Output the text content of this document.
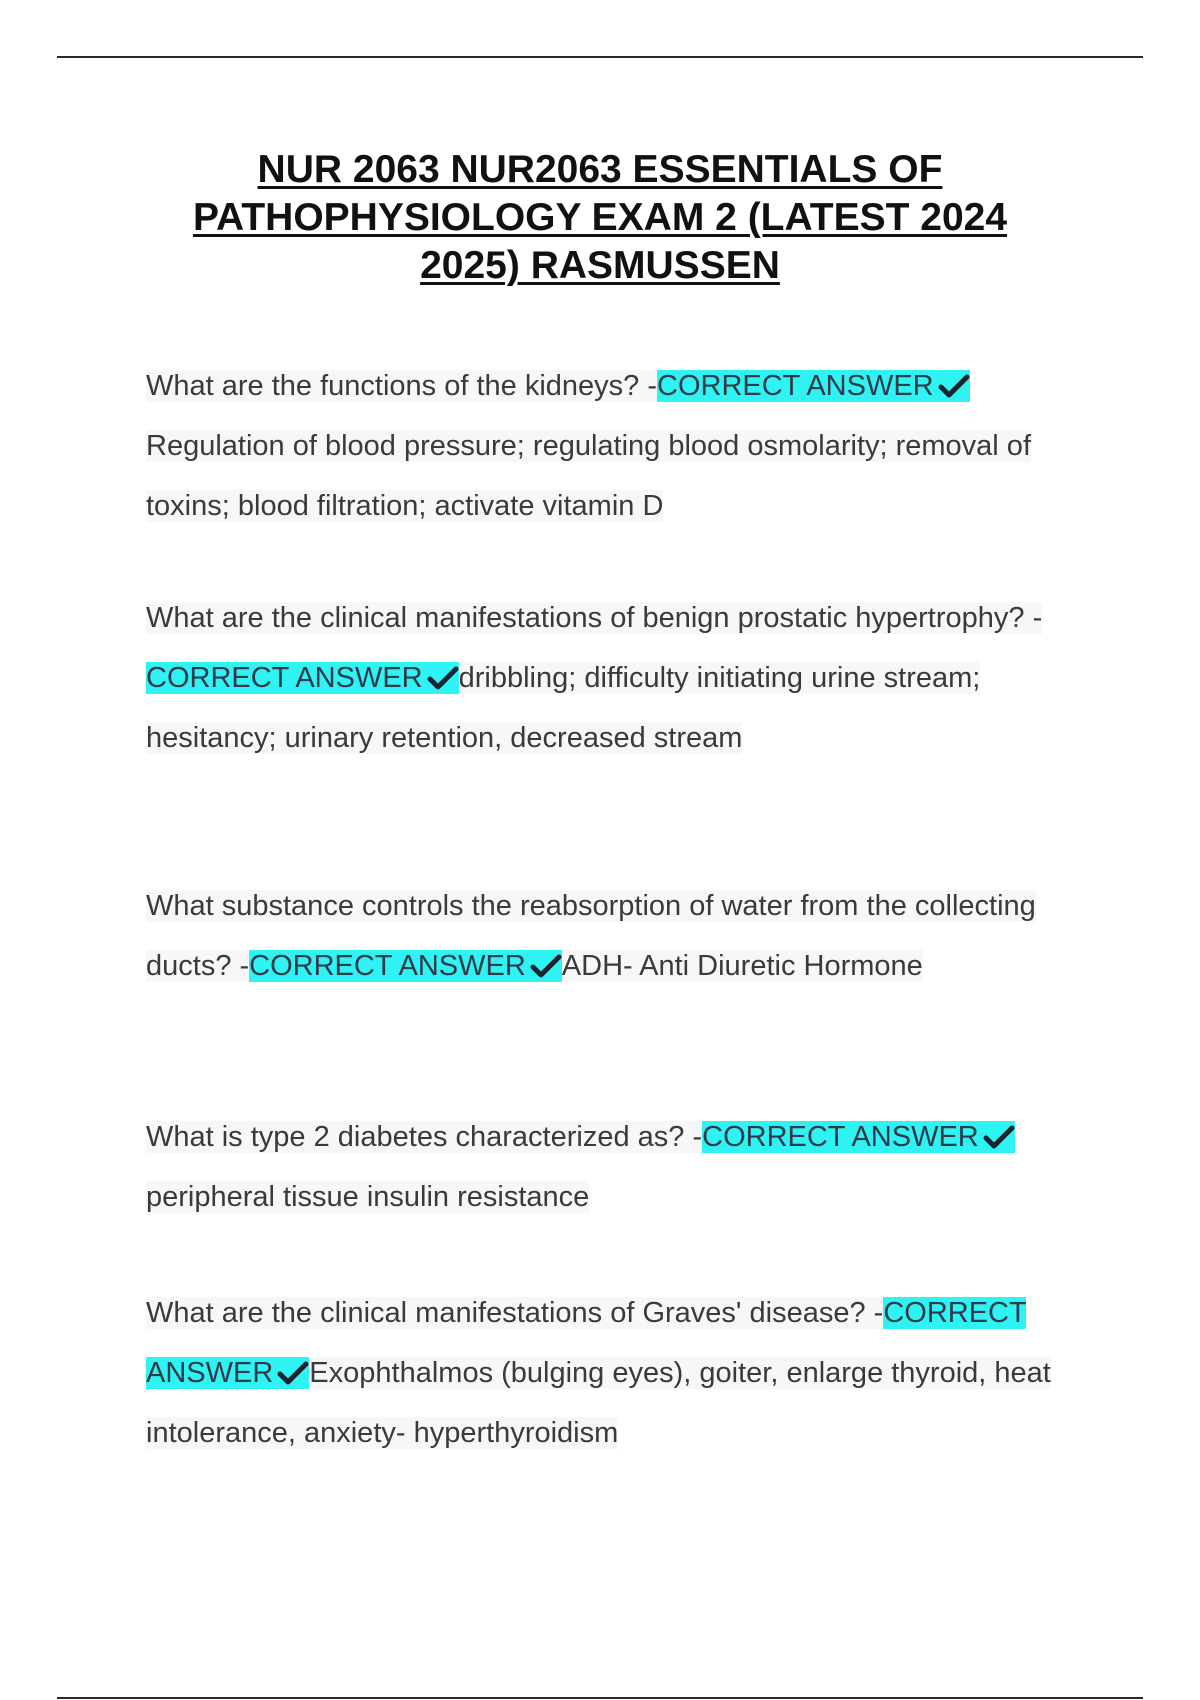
NUR 2063 NUR2063 ESSENTIALS OF PATHOPHYSIOLOGY EXAM 2 (LATEST 2024 2025) RASMUSSEN

What are the functions of the kidneys? -CORRECT ANSWER
Regulation of blood pressure; regulating blood osmolarity; removal of toxins; blood filtration; activate vitamin D

What are the clinical manifestations of benign prostatic hypertrophy? -CORRECT ANSWER dribbling; difficulty initiating urine stream; hesitancy; urinary retention, decreased stream

What substance controls the reabsorption of water from the collecting ducts? -CORRECT ANSWER ADH- Anti Diuretic Hormone

What is type 2 diabetes characterized as? -CORRECT ANSWER
peripheral tissue insulin resistance

What are the clinical manifestations of Graves' disease? -CORRECT ANSWER Exophthalmos (bulging eyes), goiter, enlarge thyroid, heat intolerance, anxiety- hyperthyroidism
